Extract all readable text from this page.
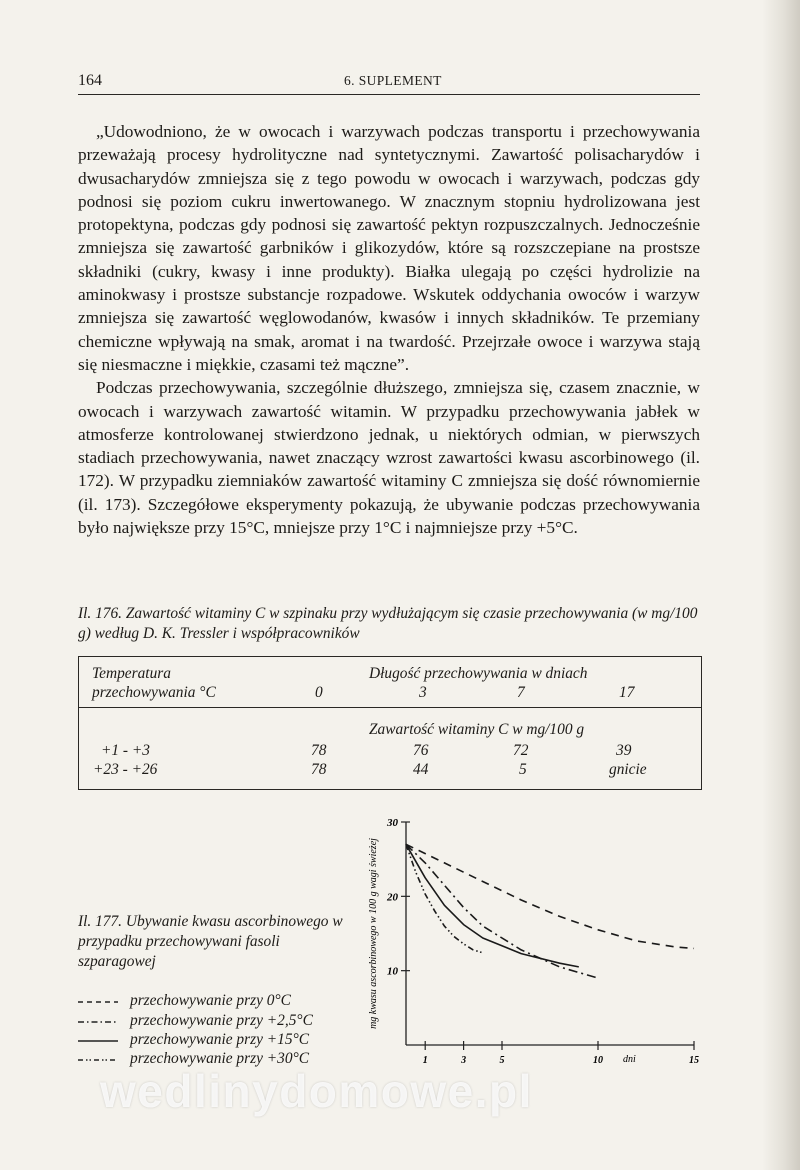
164	6. SUPLEMENT

„Udowodniono, że w owocach i warzywach podczas transportu i przechowywania przeważają procesy hydrolityczne nad syntetycznymi. Zawartość polisacharydów i dwusacharydów zmniejsza się z tego powodu w owocach i warzywach, podczas gdy podnosi się poziom cukru inwertowanego. W znacznym stopniu hydrolizowana jest protopektyna, podczas gdy podnosi się zawartość pektyn rozpuszczalnych. Jednocześnie zmniejsza się zawartość garbników i glikozydów, które są rozszczepiane na prostsze składniki (cukry, kwasy i inne produkty). Białka ulegają po części hydrolizie na aminokwasy i prostsze substancje rozpadowe. Wskutek oddychania owoców i warzyw zmniejsza się zawartość węglowodanów, kwasów i innych składników. Te przemiany chemiczne wpływają na smak, aromat i na twardość. Przejrzałe owoce i warzywa stają się niesmaczne i miękkie, czasami też mączne”.

Podczas przechowywania, szczególnie dłuższego, zmniejsza się, czasem znacznie, w owocach i warzywach zawartość witamin. W przypadku przechowywania jabłek w atmosferze kontrolowanej stwierdzono jednak, u niektórych odmian, w pierwszych stadiach przechowywania, nawet znaczący wzrost zawartości kwasu ascorbinowego (il. 172). W przypadku ziemniaków zawartość witaminy C zmniejsza się dość równomiernie (il. 173). Szczegółowe eksperymenty pokazują, że ubywanie podczas przechowywania było największe przy 15°C, mniejsze przy 1°C i najmniejsze przy +5°C.

Il. 176. Zawartość witaminy C w szpinaku przy wydłużającym się czasie przechowywania (w mg/100 g) według D. K. Tressler i współpracowników
Temperatura
przechowywania °C
Długość przechowywania w dniach
0	3	7	17
Zawartość witaminy C w mg/100 g
+1 - +3	78	76	72	39
+23 - +26	78	44	5	gnicie
Il. 177. Ubywanie kwasu ascorbinowego w przypadku przechowywani fasoli szparagowej
przechowywanie przy 0°C
przechowywanie przy +2,5°C
przechowywanie przy +15°C
przechowywanie przy +30°C
10
20
30
1	3	5	10	15
dni
mg kwasu ascorbinowego w 100 g wagi świeżej
wedlinydomowe.pl
